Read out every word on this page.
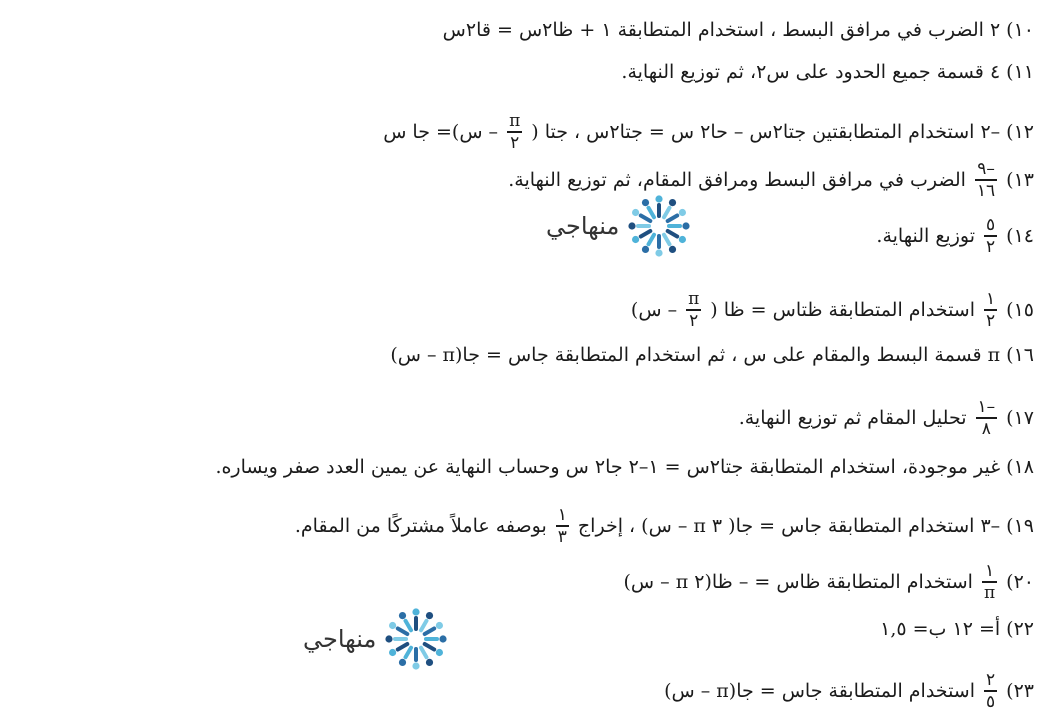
١٠)
٢ الضرب في مرافق البسط ، استخدام المتطابقة ١ + ظا٢س = قا٢س
١١)
٤ قسمة جميع الحدود على س٢، ثم توزيع النهاية.
١٢)
–٢ استخدام المتطابقتين جتا٢س – حا٢ س = جتا٢س ، جتا (
$\frac{\pi}{٢}$
– س)= جا س
١٣)
$\frac{-٩}{١٦}$
الضرب في مرافق البسط ومرافق المقام، ثم توزيع النهاية.
١٤)
$\frac{٥}{٢}$
توزيع النهاية.
منهاجي
١٥)
$\frac{١}{٢}$
استخدام المتطابقة ظتاس = ظا (
$\frac{\pi}{٢}$
– س)
١٦)
π قسمة البسط والمقام على س ، ثم استخدام المتطابقة جاس = جا(π – س)
١٧)
$\frac{-١}{٨}$
تحليل المقام ثم توزيع النهاية.
١٨)
غير موجودة، استخدام المتطابقة جتا٢س = ١–٢ جا٢ س وحساب النهاية عن يمين العدد صفر ويساره.
١٩)
–٣ استخدام المتطابقة جاس = جا( ٣ π – س) ، إخراج
$\frac{١}{٣}$
بوصفه عاملاً مشتركًا من المقام.
٢٠)
$\frac{١}{\pi}$
استخدام المتطابقة ظاس = – ظا(٢ π – س)
٢٢)
أ= ١٢ ب= ١,٥
منهاجي
٢٣)
$\frac{٢}{٥}$
استخدام المتطابقة جاس = جا(π – س)
